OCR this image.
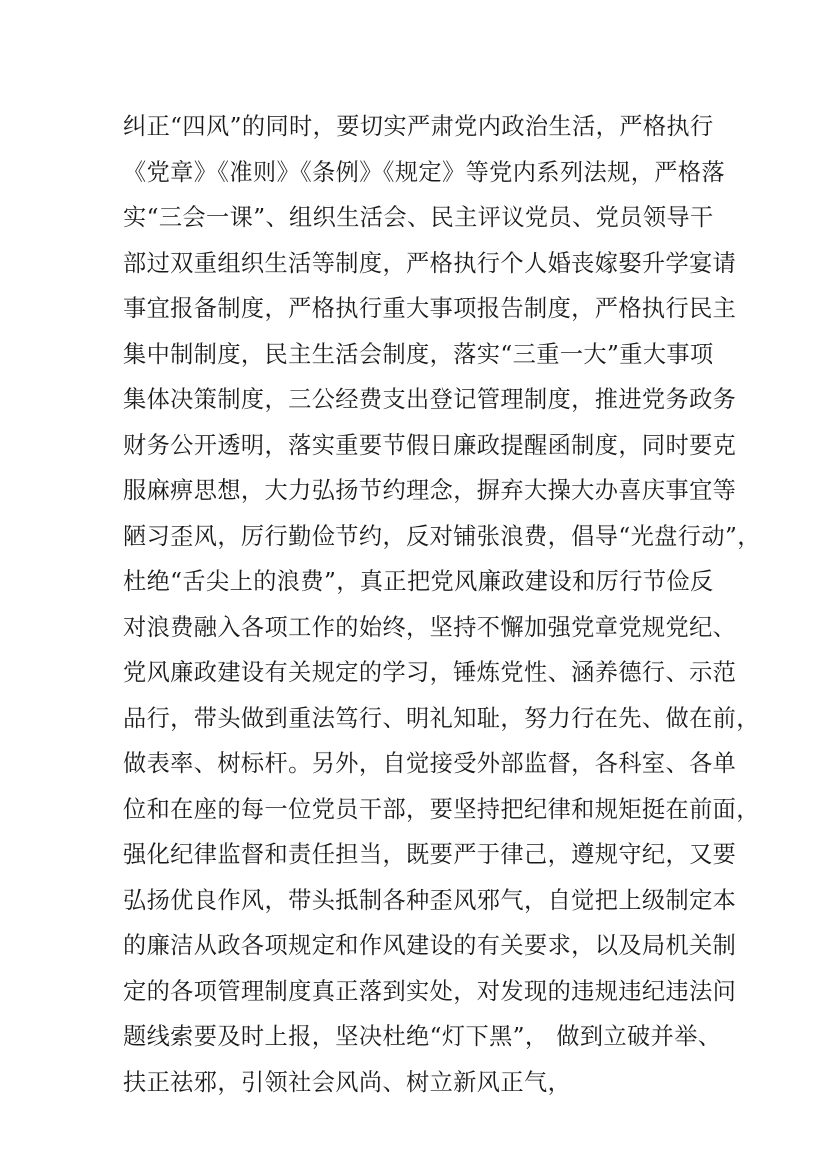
纠正“四风”的同时，要切实严肃党内政治生活，严格执行
《党章》《准则》《条例》《规定》等党内系列法规，严格落
实“三会一课”、组织生活会、民主评议党员、党员领导干
部过双重组织生活等制度，严格执行个人婚丧嫁娶升学宴请
事宜报备制度，严格执行重大事项报告制度，严格执行民主
集中制制度，民主生活会制度，落实“三重一大”重大事项
集体决策制度，三公经费支出登记管理制度，推进党务政务
财务公开透明，落实重要节假日廉政提醒函制度，同时要克
服麻痹思想，大力弘扬节约理念，摒弃大操大办喜庆事宜等
陋习歪风，厉行勤俭节约，反对铺张浪费，倡导“光盘行动”，
杜绝“舌尖上的浪费”，真正把党风廉政建设和厉行节俭反
对浪费融入各项工作的始终，坚持不懈加强党章党规党纪、
党风廉政建设有关规定的学习，锤炼党性、涵养德行、示范
品行，带头做到重法笃行、明礼知耻，努力行在先、做在前，
做表率、树标杆。另外，自觉接受外部监督，各科室、各单
位和在座的每一位党员干部，要坚持把纪律和规矩挺在前面，
强化纪律监督和责任担当，既要严于律己，遵规守纪，又要
弘扬优良作风，带头抵制各种歪风邪气，自觉把上级制定本
的廉洁从政各项规定和作风建设的有关要求，以及局机关制
定的各项管理制度真正落到实处，对发现的违规违纪违法问
题线索要及时上报，坚决杜绝“灯下黑”， 做到立破并举、
扶正祛邪，引领社会风尚、树立新风正气，
